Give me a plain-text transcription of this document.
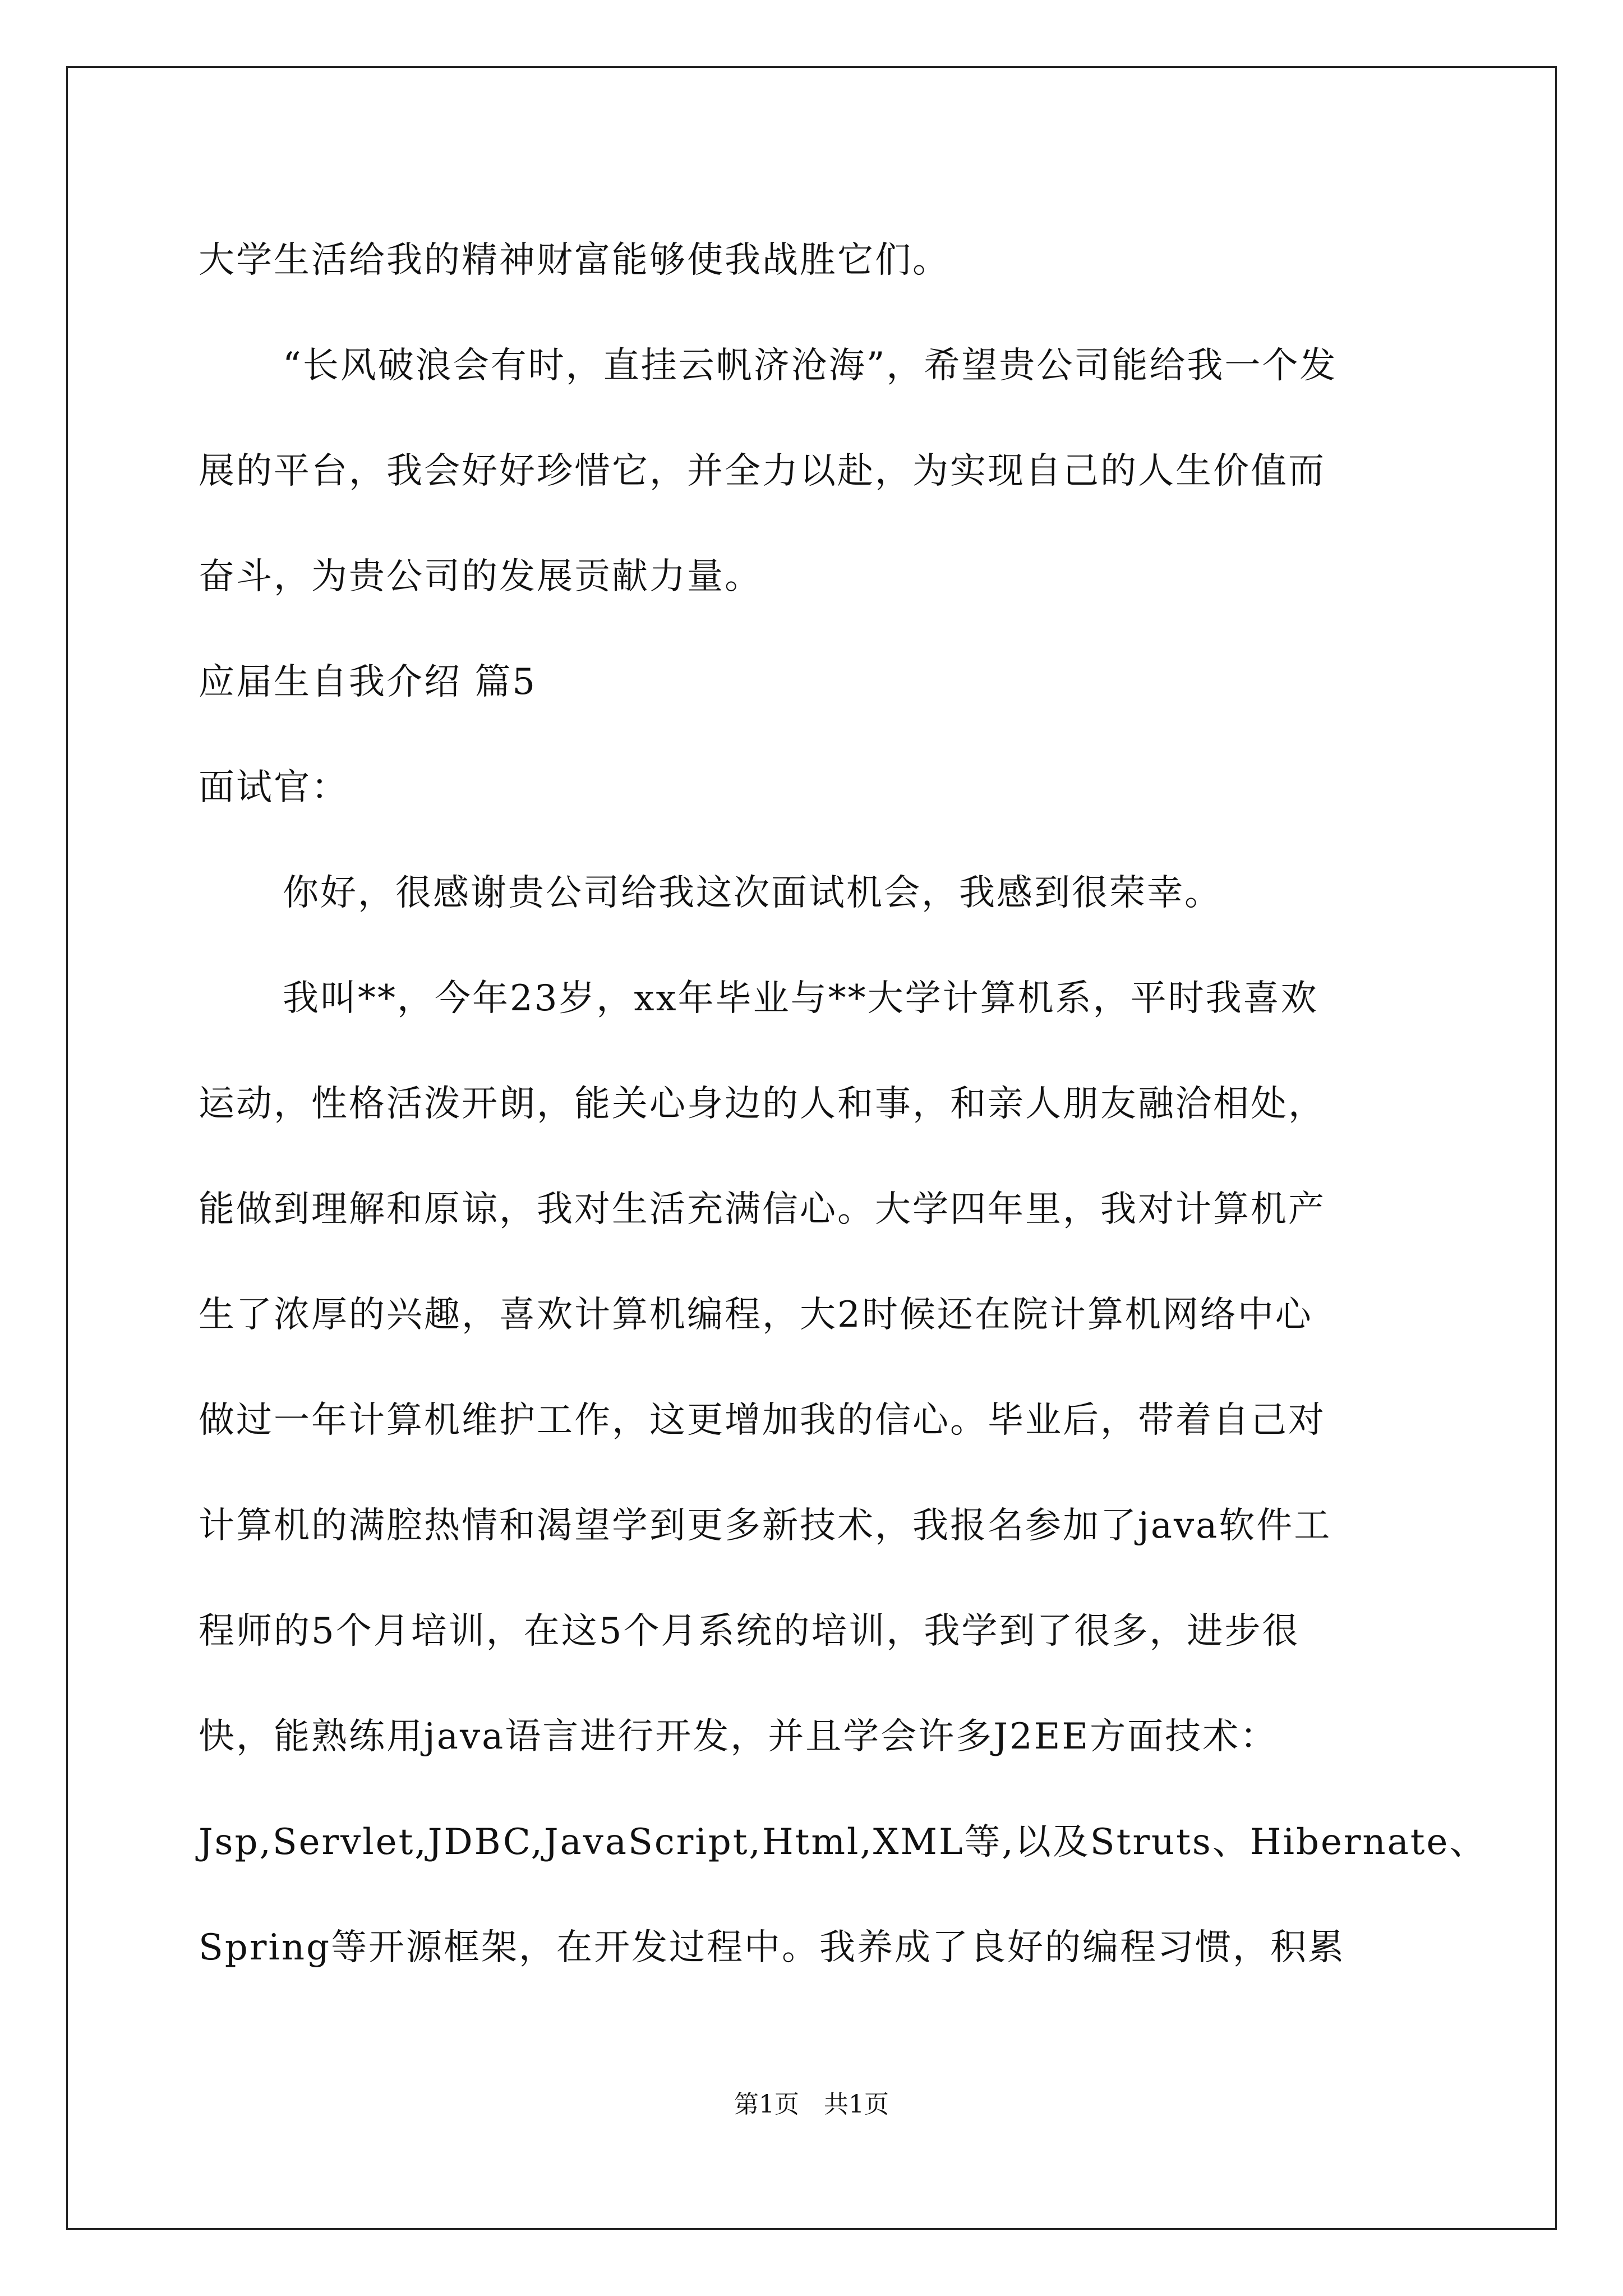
大学生活给我的精神财富能够使我战胜它们。
“长风破浪会有时，直挂云帆济沧海”，希望贵公司能给我一个发
展的平台，我会好好珍惜它，并全力以赴，为实现自己的人生价值而
奋斗，为贵公司的发展贡献力量。
应届生自我介绍 篇5
面试官：
你好，很感谢贵公司给我这次面试机会，我感到很荣幸。
我叫**，今年23岁，xx年毕业与**大学计算机系，平时我喜欢
运动，性格活泼开朗，能关心身边的人和事，和亲人朋友融洽相处，
能做到理解和原谅，我对生活充满信心。大学四年里，我对计算机产
生了浓厚的兴趣，喜欢计算机编程，大2时候还在院计算机网络中心
做过一年计算机维护工作，这更增加我的信心。毕业后，带着自己对
计算机的满腔热情和渴望学到更多新技术，我报名参加了java软件工
程师的5个月培训，在这5个月系统的培训，我学到了很多，进步很
快，能熟练用java语言进行开发，并且学会许多J2EE方面技术：
Jsp,Servlet,JDBC,JavaScript,Html,XML等,以及Struts、Hibernate、
Spring等开源框架，在开发过程中。我养成了良好的编程习惯，积累
第1页　共1页
